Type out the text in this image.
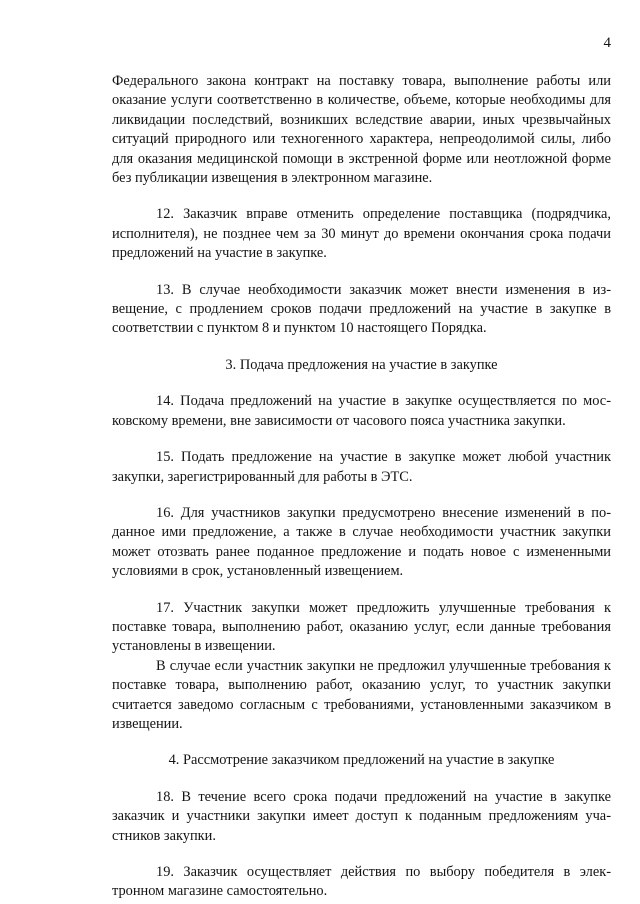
4

Федерального закона контракт на поставку товара, выполнение работы или оказание услуги соответственно в количестве, объеме, которые необходимы для ликвидации последствий, возникших вследствие аварии, иных чрезвычайных ситуаций природного или техногенного характера, непреодолимой силы, либо для оказания медицинской помощи в экстренной форме или неотложной форме без публикации извещения в электронном магазине.

12. Заказчик вправе отменить определение поставщика (подрядчика, исполнителя), не позднее чем за 30 минут до времени окончания срока подачи предложений на участие в закупке.

13. В случае необходимости заказчик может внести изменения в извещение, с продлением сроков подачи предложений на участие в закупке в соответствии с пунктом 8 и пунктом 10 настоящего Порядка.

3. Подача предложения на участие в закупке

14. Подача предложений на участие в закупке осуществляется по московскому времени, вне зависимости от часового пояса участника закупки.

15. Подать предложение на участие в закупке может любой участник закупки, зарегистрированный для работы в ЭТС.

16. Для участников закупки предусмотрено внесение изменений в поданное ими предложение, а также в случае необходимости участник закупки может отозвать ранее поданное предложение и подать новое с измененными условиями в срок, установленный извещением.

17. Участник закупки может предложить улучшенные требования к поставке товара, выполнению работ, оказанию услуг, если данные требования установлены в извещении.

В случае если участник закупки не предложил улучшенные требования к поставке товара, выполнению работ, оказанию услуг, то участник закупки считается заведомо согласным с требованиями, установленными заказчиком в извещении.

4. Рассмотрение заказчиком предложений на участие в закупке

18. В течение всего срока подачи предложений на участие в закупке заказчик и участники закупки имеет доступ к поданным предложениям участников закупки.

19. Заказчик осуществляет действия по выбору победителя в электронном магазине самостоятельно.
